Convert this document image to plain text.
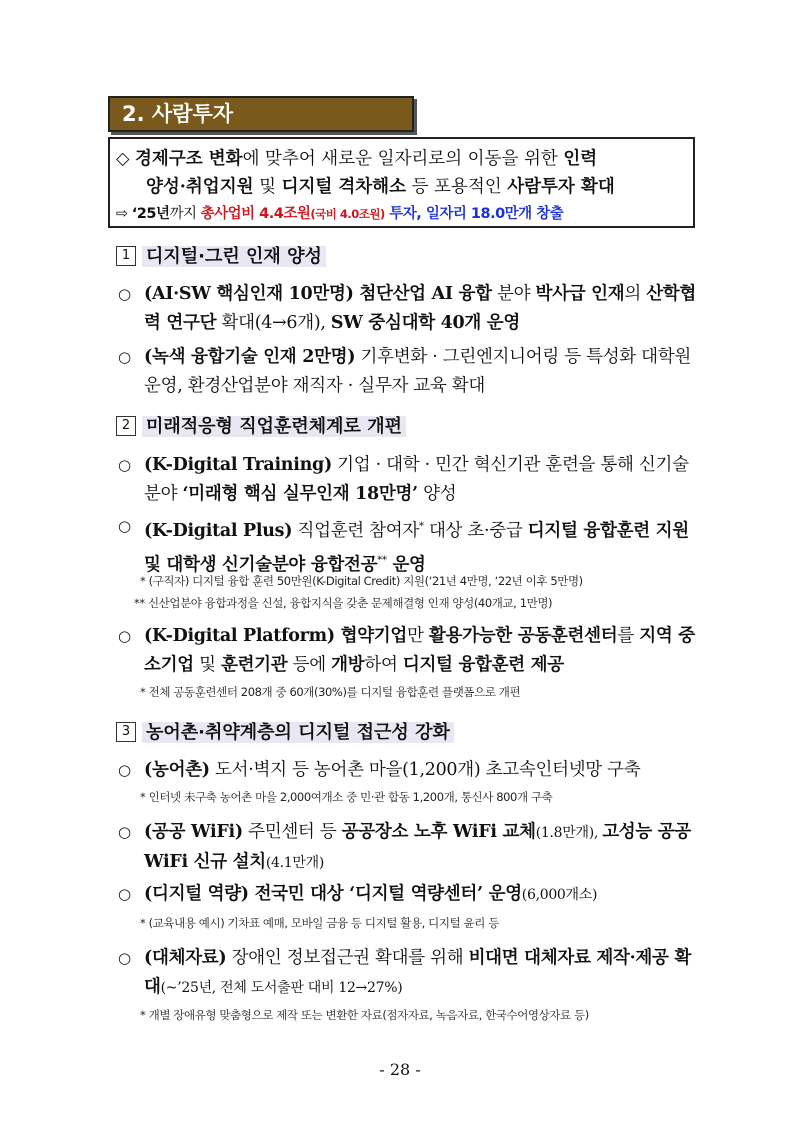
2. 사람투자
◇ 경제구조 변화에 맞추어 새로운 일자리로의 이동을 위한 인력
양성·취업지원 및 디지털 격차해소 등 포용적인 사람투자 확대
⇨ ‘25년까지 총사업비 4.4조원(국비 4.0조원) 투자, 일자리 18.0만개 창출
1 디지털·그린 인재 양성
○ (AI·SW 핵심인재 10만명) 첨단산업 AI 융합 분야 박사급 인재의 산학협력 연구단 확대(4→6개), SW 중심대학 40개 운영
○ (녹색 융합기술 인재 2만명) 기후변화 · 그린엔지니어링 등 특성화 대학원 운영, 환경산업분야 재직자 · 실무자 교육 확대
2 미래적응형 직업훈련체계로 개편
○ (K-Digital Training) 기업 · 대학 · 민간 혁신기관 훈련을 통해 신기술 분야 ‘미래형 핵심 실무인재 18만명’ 양성
○ (K-Digital Plus) 직업훈련 참여자* 대상 초·중급 디지털 융합훈련 지원 및 대학생 신기술분야 융합전공** 운영
* (구직자) 디지털 융합 훈련 50만원(K-Digital Credit) 지원(‘21년 4만명, ‘22년 이후 5만명)
** 신산업분야 융합과정을 신설, 융합지식을 갖춘 문제해결형 인재 양성(40개교, 1만명)
○ (K-Digital Platform) 협약기업만 활용가능한 공동훈련센터를 지역 중소기업 및 훈련기관 등에 개방하여 디지털 융합훈련 제공
* 전체 공동훈련센터 208개 중 60개(30%)를 디지털 융합훈련 플랫폼으로 개편
3 농어촌·취약계층의 디지털 접근성 강화
○ (농어촌) 도서·벽지 등 농어촌 마을(1,200개) 초고속인터넷망 구축
* 인터넷 未구축 농어촌 마을 2,000여개소 중 민·관 합동 1,200개, 통신사 800개 구축
○ (공공 WiFi) 주민센터 등 공공장소 노후 WiFi 교체(1.8만개), 고성능 공공 WiFi 신규 설치(4.1만개)
○ (디지털 역량) 전국민 대상 ‘디지털 역량센터’ 운영(6,000개소)
* (교육내용 예시) 기차표 예매, 모바일 금융 등 디지털 활용, 디지털 윤리 등
○ (대체자료) 장애인 정보접근권 확대를 위해 비대면 대체자료 제작·제공 확대(~’25년, 전체 도서출판 대비 12→27%)
* 개별 장애유형 맞춤형으로 제작 또는 변환한 자료(점자자료, 녹음자료, 한국수어영상자료 등)
- 28 -
